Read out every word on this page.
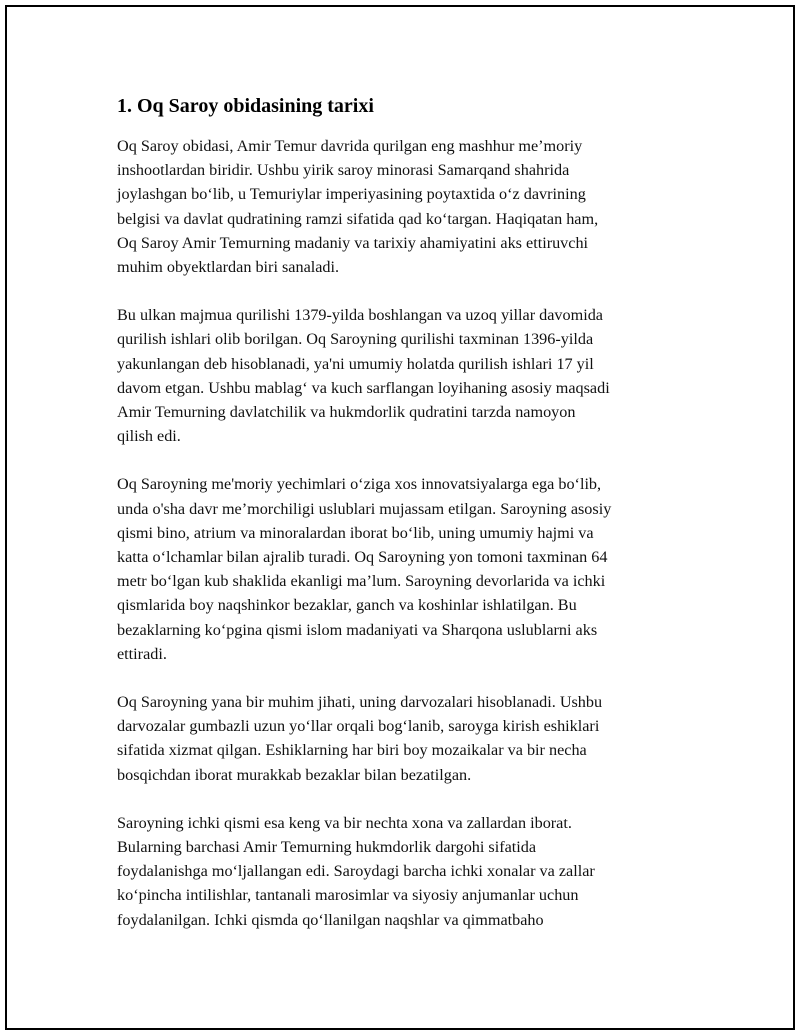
1. Oq Saroy obidasining tarixi

Oq Saroy obidasi, Amir Temur davrida qurilgan eng mashhur me’moriy
inshootlardan biridir. Ushbu yirik saroy minorasi Samarqand shahrida
joylashgan bo‘lib, u Temuriylar imperiyasining poytaxtida o‘z davrining
belgisi va davlat qudratining ramzi sifatida qad ko‘targan. Haqiqatan ham,
Oq Saroy Amir Temurning madaniy va tarixiy ahamiyatini aks ettiruvchi
muhim obyektlardan biri sanaladi.

Bu ulkan majmua qurilishi 1379-yilda boshlangan va uzoq yillar davomida
qurilish ishlari olib borilgan. Oq Saroyning qurilishi taxminan 1396-yilda
yakunlangan deb hisoblanadi, ya'ni umumiy holatda qurilish ishlari 17 yil
davom etgan. Ushbu mablag‘ va kuch sarflangan loyihaning asosiy maqsadi
Amir Temurning davlatchilik va hukmdorlik qudratini tarzda namoyon
qilish edi.

Oq Saroyning me'moriy yechimlari o‘ziga xos innovatsiyalarga ega bo‘lib,
unda o'sha davr me’morchiligi uslublari mujassam etilgan. Saroyning asosiy
qismi bino, atrium va minoralardan iborat bo‘lib, uning umumiy hajmi va
katta o‘lchamlar bilan ajralib turadi. Oq Saroyning yon tomoni taxminan 64
metr bo‘lgan kub shaklida ekanligi ma’lum. Saroyning devorlarida va ichki
qismlarida boy naqshinkor bezaklar, ganch va koshinlar ishlatilgan. Bu
bezaklarning ko‘pgina qismi islom madaniyati va Sharqona uslublarni aks
ettiradi.

Oq Saroyning yana bir muhim jihati, uning darvozalari hisoblanadi. Ushbu
darvozalar gumbazli uzun yo‘llar orqali bog‘lanib, saroyga kirish eshiklari
sifatida xizmat qilgan. Eshiklarning har biri boy mozaikalar va bir necha
bosqichdan iborat murakkab bezaklar bilan bezatilgan.

Saroyning ichki qismi esa keng va bir nechta xona va zallardan iborat.
Bularning barchasi Amir Temurning hukmdorlik dargohi sifatida
foydalanishga mo‘ljallangan edi. Saroydagi barcha ichki xonalar va zallar
ko‘pincha intilishlar, tantanali marosimlar va siyosiy anjumanlar uchun
foydalanilgan. Ichki qismda qo‘llanilgan naqshlar va qimmatbaho
